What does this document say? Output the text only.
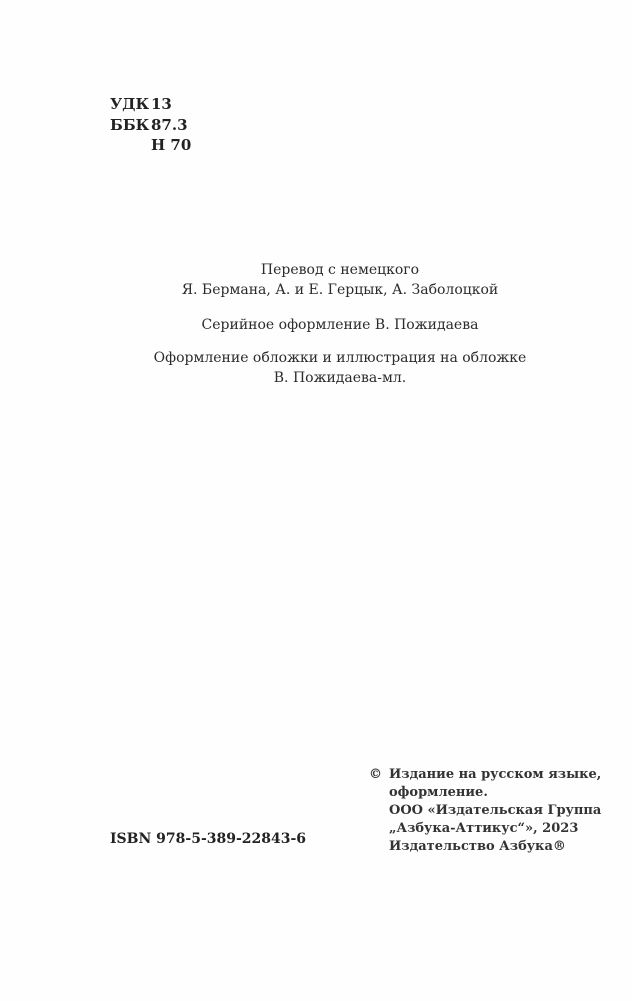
УДК 13
ББК 87.3
Н 70
Перевод с немецкого
Я. Бермана, А. и Е. Герцык, А. Заболоцкой
Серийное оформление В. Пожидаева
Оформление обложки и иллюстрация на обложке
В. Пожидаева-мл.
© Издание на русском языке,
оформление.
ООО «Издательская Группа
„Азбука-Аттикус“», 2023
Издательство Азбука®
ISBN 978-5-389-22843-6
